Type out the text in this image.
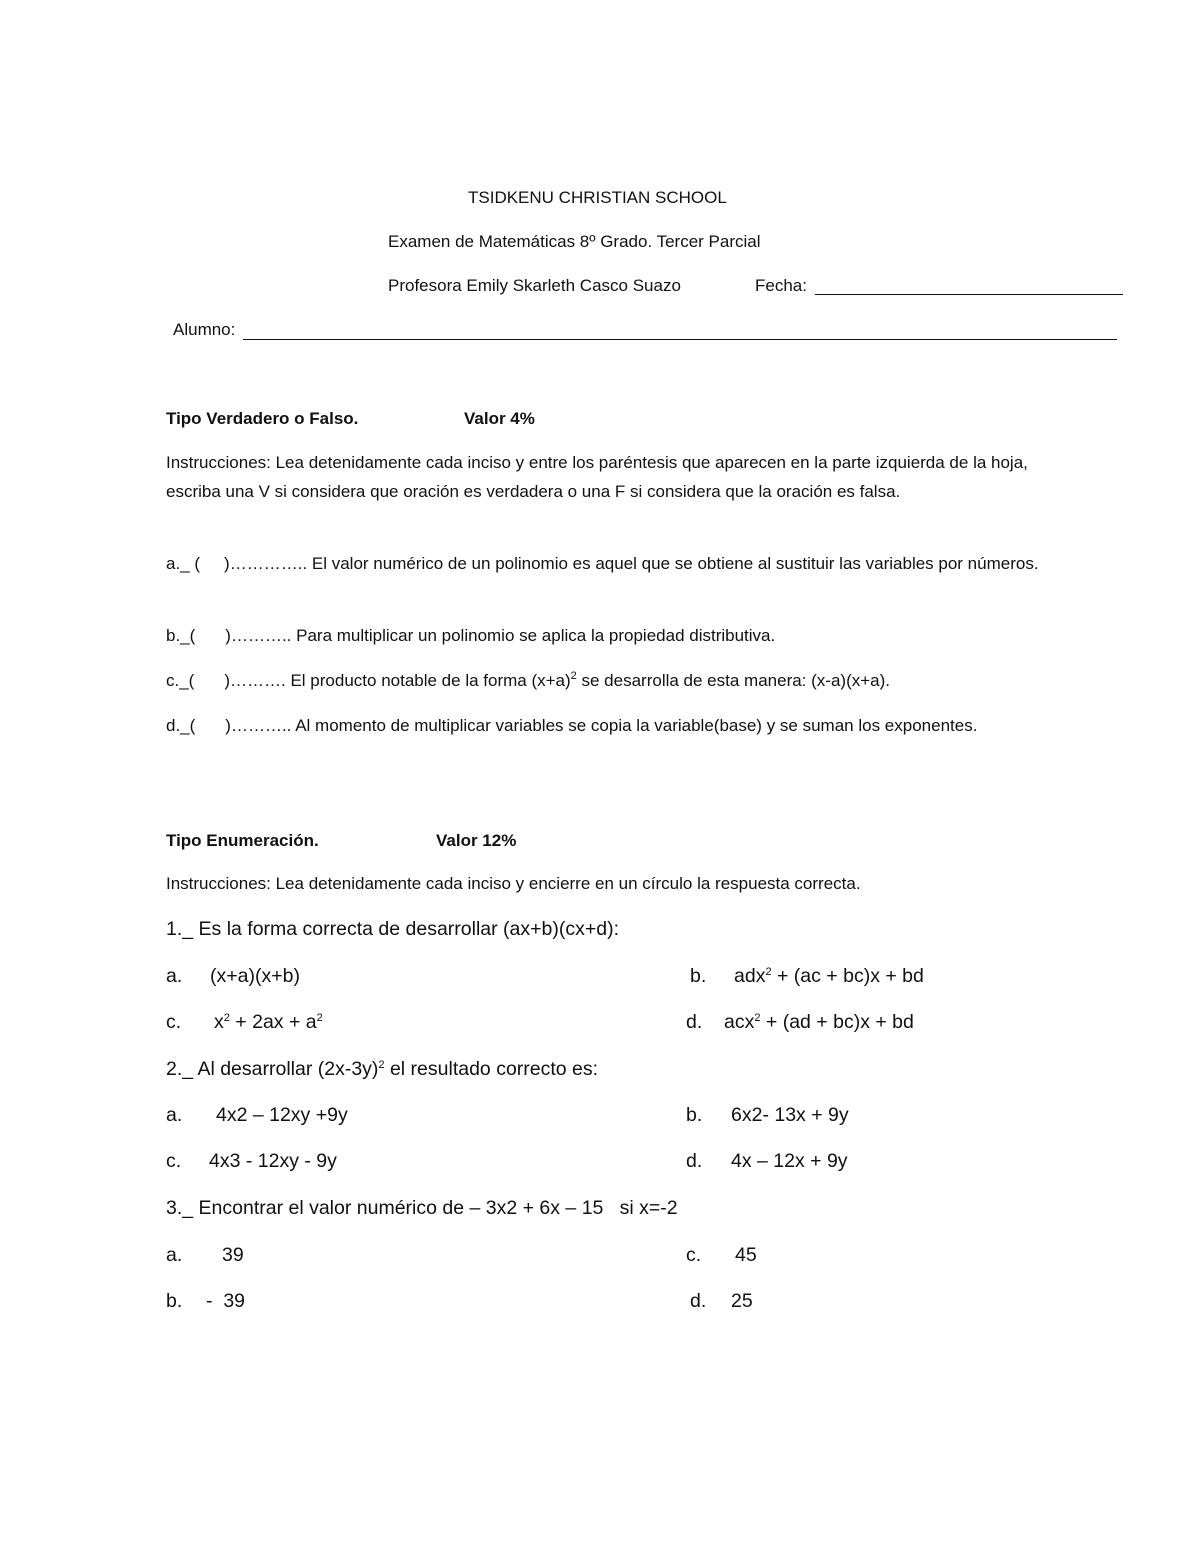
TSIDKENU CHRISTIAN SCHOOL
Examen de Matemáticas 8º Grado. Tercer Parcial
Profesora Emily Skarleth Casco Suazo	Fecha:
Alumno:
Tipo Verdadero o Falso.	Valor 4%
Instrucciones: Lea detenidamente cada inciso y entre los paréntesis que aparecen en la parte izquierda de la hoja, escriba una V si considera que oración es verdadera o una F si considera que la oración es falsa.
a._ ( )………….. El valor numérico de un polinomio es aquel que se obtiene al sustituir las variables por números.
b._( )……….. Para multiplicar un polinomio se aplica la propiedad distributiva.
c._( )………. El producto notable de la forma $(x+a)^2$ se desarrolla de esta manera: (x-a)(x+a).
d._( )……….. Al momento de multiplicar variables se copia la variable(base) y se suman los exponentes.
Tipo Enumeración.	Valor 12%
Instrucciones: Lea detenidamente cada inciso y encierre en un círculo la respuesta correcta.
1._ Es la forma correcta de desarrollar (ax+b)(cx+d):
a. (x+a)(x+b)	b. adx$^2$ + (ac + bc)x + bd
c. $x^2 + 2ax + a^2$	d. acx$^2$ + (ad + bc)x + bd
2._ Al desarrollar $(2x-3y)^2$ el resultado correcto es:
a. 4x2 – 12xy +9y	b. 6x2- 13x + 9y
c. 4x3 - 12xy - 9y	d. 4x – 12x + 9y
3._ Encontrar el valor numérico de – 3x2 + 6x – 15   si x=-2
a. 39	c. 45
b. -  39	d. 25
